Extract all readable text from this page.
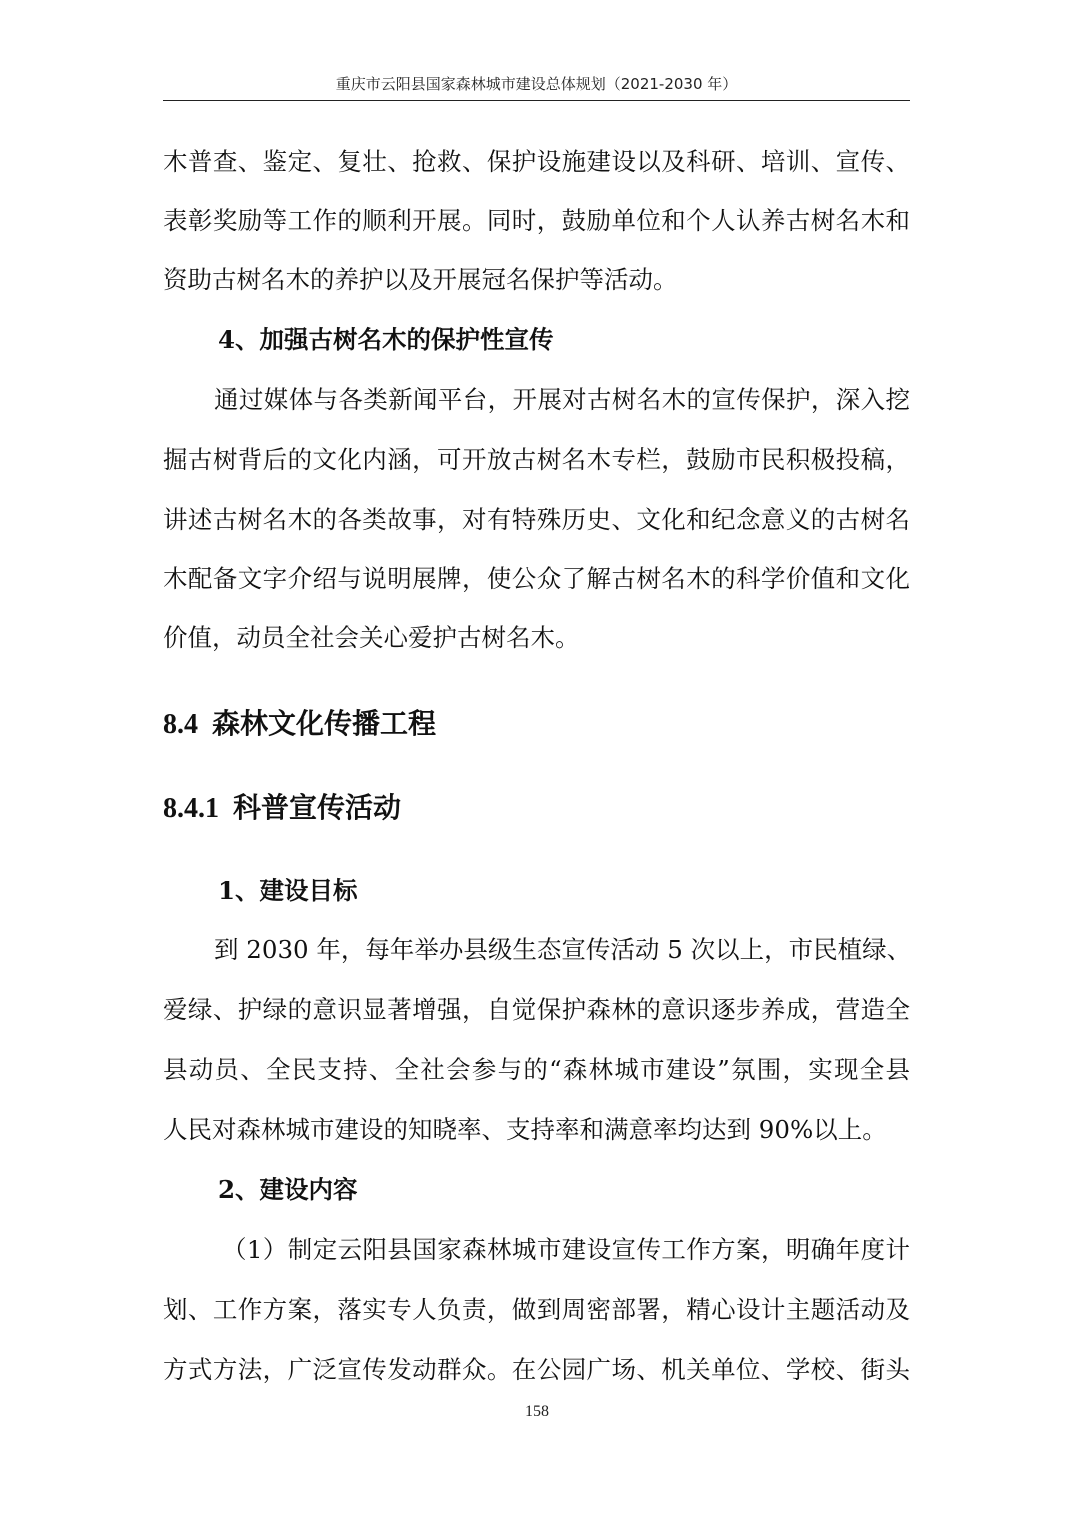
重庆市云阳县国家森林城市建设总体规划（2021-2030 年）
木普查、鉴定、复壮、抢救、保护设施建设以及科研、培训、宣传、
表彰奖励等工作的顺利开展。同时，鼓励单位和个人认养古树名木和
资助古树名木的养护以及开展冠名保护等活动。
4、加强古树名木的保护性宣传
通过媒体与各类新闻平台，开展对古树名木的宣传保护，深入挖
掘古树背后的文化内涵，可开放古树名木专栏，鼓励市民积极投稿，
讲述古树名木的各类故事，对有特殊历史、文化和纪念意义的古树名
木配备文字介绍与说明展牌，使公众了解古树名木的科学价值和文化
价值，动员全社会关心爱护古树名木。
8.4 森林文化传播工程
8.4.1 科普宣传活动
1、建设目标
到 2030 年，每年举办县级生态宣传活动 5 次以上，市民植绿、
爱绿、护绿的意识显著增强，自觉保护森林的意识逐步养成，营造全
县动员、全民支持、全社会参与的“森林城市建设”氛围，实现全县
人民对森林城市建设的知晓率、支持率和满意率均达到 90%以上。
2、建设内容
（1）制定云阳县国家森林城市建设宣传工作方案，明确年度计
划、工作方案，落实专人负责，做到周密部署，精心设计主题活动及
方式方法，广泛宣传发动群众。在公园广场、机关单位、学校、街头
158
